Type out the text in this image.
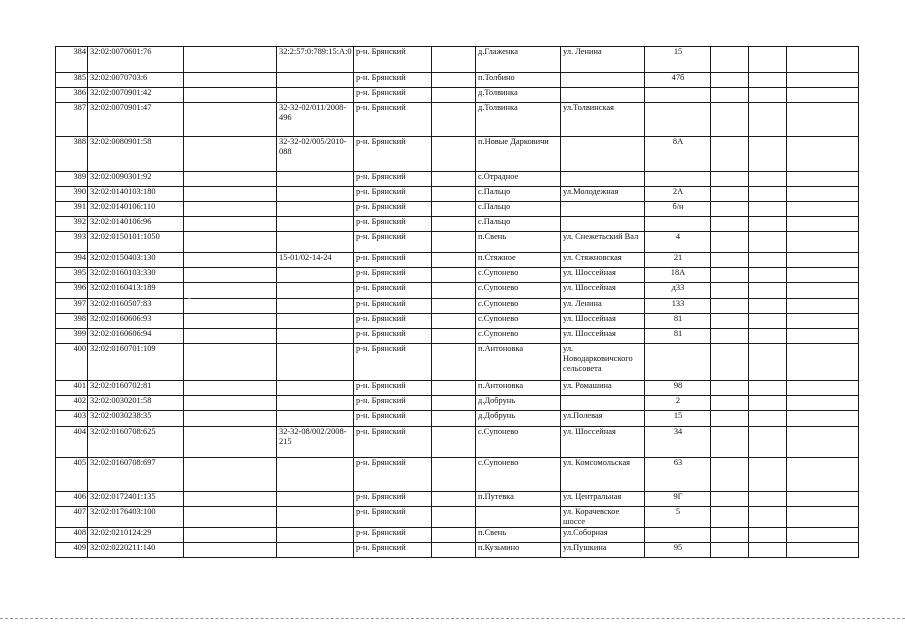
384	32:02:0070601:76		32:2:57:0:789:15:А:0	р-н. Брянский		д.Глаженка	ул. Ленина	15			
385	32:02:0070703:6			р-н. Брянский		п.Толбино		47б			
386	32:02:0070901:42			р-н. Брянский		д.Толвинка					
387	32:02:0070901:47		32-32-02/011/2008-496	р-н. Брянский		д.Толвинка	ул.Толвинская				
388	32:02:0080901:58		32-32-02/005/2010-088	р-н. Брянский		п.Новые Дарковичи		8А			
389	32:02:0090301:92			р-н. Брянский		с.Отрадное					
390	32:02:0140103:180			р-н. Брянский		с.Пальцо	ул.Молодежная	2А			
391	32:02:0140106:110			р-н. Брянский		с.Пальцо		б/н			
392	32:02:0140106:96			р-н. Брянский		с.Пальцо					
393	32:02:0150101:1050			р-н. Брянский		п.Свень	ул. Снежетьский Вал	4			
394	32:02:0150403:130		15-01/02-14-24	р-н. Брянский		п.Стяжное	ул. Стяжновская	21			
395	32:02:0160103:330			р-н. Брянский		с.Супонево	ул. Шоссейная	18А			
396	32:02:0160413:189			р-н. Брянский		с.Супонево	ул. Шоссейная	д33			
397	32:02:0160507:83			р-н. Брянский		с.Супонево	ул. Ленина	133			
398	32:02:0160606:93			р-н. Брянский		с.Супонево	ул. Шоссейная	81			
399	32:02:0160606:94			р-н. Брянский		с.Супонево	ул. Шоссейная	81			
400	32:02:0160701:109			р-н. Брянский		п.Антоновка	ул. Новодарковичского сельсовета				
401	32:02:0160702:81			р-н. Брянский		п.Антоновка	ул. Ромашина	98			
402	32:02:0030201:58			р-н. Брянский		д.Добрунь		2			
403	32:02:0030238:35			р-н. Брянский		д.Добрунь	ул.Полевая	15			
404	32:02:0160708:625		32-32-08/002/2008-215	р-н. Брянский		с.Супонево	ул. Шоссейная	34			
405	32:02:0160708:697			р-н. Брянский		с.Супонево	ул. Комсомольская	63			
406	32:02:0172401:135			р-н. Брянский		п.Путевка	ул. Центральная	9Г			
407	32:02:0176403:100			р-н. Брянский			ул. Корачевское шоссе	5			
408	32:02:0210124:29			р-н. Брянский		п.Свень	ул.Соборная				
409	32:02:0220211:140			р-н. Брянский		п.Кузьмино	ул.Пушкина	95			
